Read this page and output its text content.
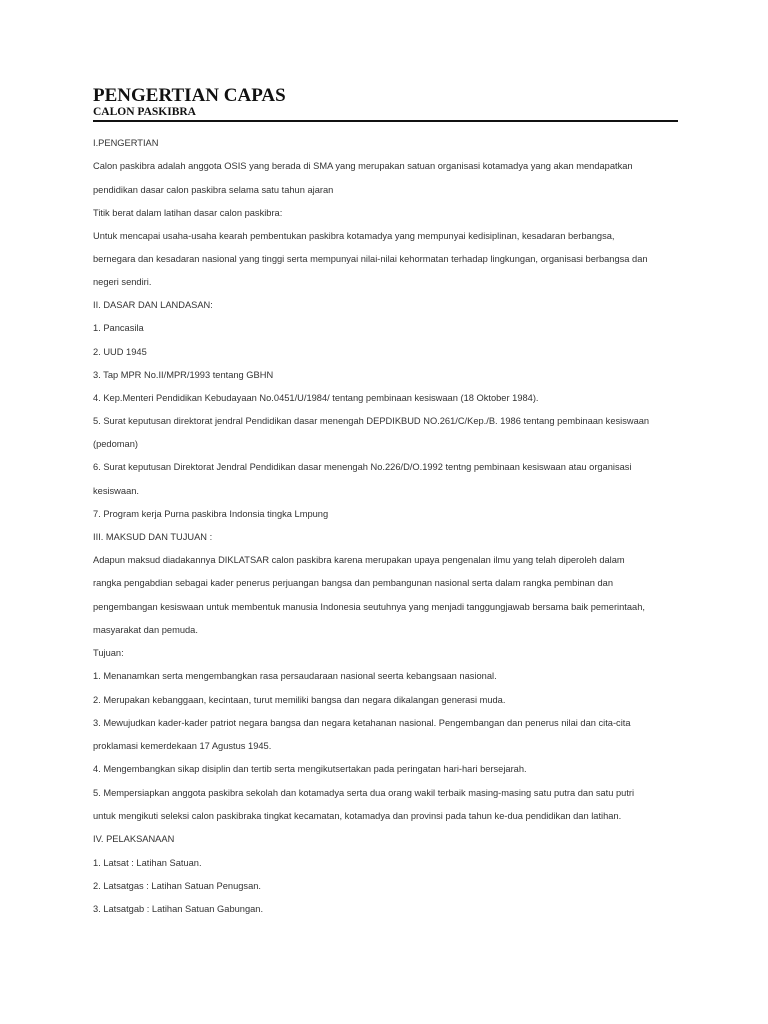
PENGERTIAN CAPAS
CALON PASKIBRA

I.PENGERTIAN

Calon paskibra adalah anggota OSIS yang berada di SMA yang merupakan satuan organisasi kotamadya yang akan mendapatkan

pendidikan dasar calon paskibra selama satu tahun ajaran

Titik berat dalam latihan dasar calon paskibra:

Untuk mencapai usaha-usaha kearah pembentukan paskibra kotamadya yang mempunyai kedisiplinan, kesadaran berbangsa,

bernegara dan kesadaran nasional yang tinggi serta mempunyai nilai-nilai kehormatan terhadap lingkungan, organisasi berbangsa dan

negeri sendiri.

II. DASAR DAN LANDASAN:

1. Pancasila

2. UUD 1945

3. Tap MPR No.II/MPR/1993 tentang GBHN

4. Kep.Menteri Pendidikan Kebudayaan No.0451/U/1984/ tentang pembinaan kesiswaan (18 Oktober 1984).

5. Surat keputusan direktorat jendral Pendidikan dasar menengah DEPDIKBUD NO.261/C/Kep./B. 1986 tentang pembinaan kesiswaan

(pedoman)

6. Surat keputusan Direktorat Jendral Pendidikan dasar menengah No.226/D/O.1992 tentng pembinaan kesiswaan atau organisasi

kesiswaan.

7. Program kerja Purna paskibra Indonsia tingka Lmpung

III. MAKSUD DAN TUJUAN :

Adapun maksud diadakannya DIKLATSAR calon paskibra karena merupakan upaya pengenalan ilmu yang telah diperoleh dalam

rangka pengabdian sebagai kader penerus perjuangan bangsa dan pembangunan nasional serta dalam rangka pembinan dan

pengembangan kesiswaan untuk membentuk manusia Indonesia seutuhnya yang menjadi tanggungjawab bersama baik pemerintaah,

masyarakat dan pemuda.

Tujuan:

1. Menanamkan serta mengembangkan rasa persaudaraan nasional seerta kebangsaan nasional.

2. Merupakan kebanggaan, kecintaan, turut memiliki bangsa dan negara dikalangan generasi muda.

3. Mewujudkan kader-kader patriot negara bangsa dan negara ketahanan nasional. Pengembangan dan penerus nilai dan cita-cita

proklamasi kemerdekaan 17 Agustus 1945.

4. Mengembangkan sikap disiplin dan tertib serta mengikutsertakan pada peringatan hari-hari bersejarah.

5. Mempersiapkan anggota paskibra sekolah dan kotamadya serta dua orang wakil terbaik masing-masing satu putra dan satu putri

untuk mengikuti seleksi calon paskibraka tingkat kecamatan, kotamadya dan provinsi pada tahun ke-dua pendidikan dan latihan.

IV. PELAKSANAAN

1. Latsat : Latihan Satuan.

2. Latsatgas : Latihan Satuan Penugsan.

3. Latsatgab : Latihan Satuan Gabungan.
